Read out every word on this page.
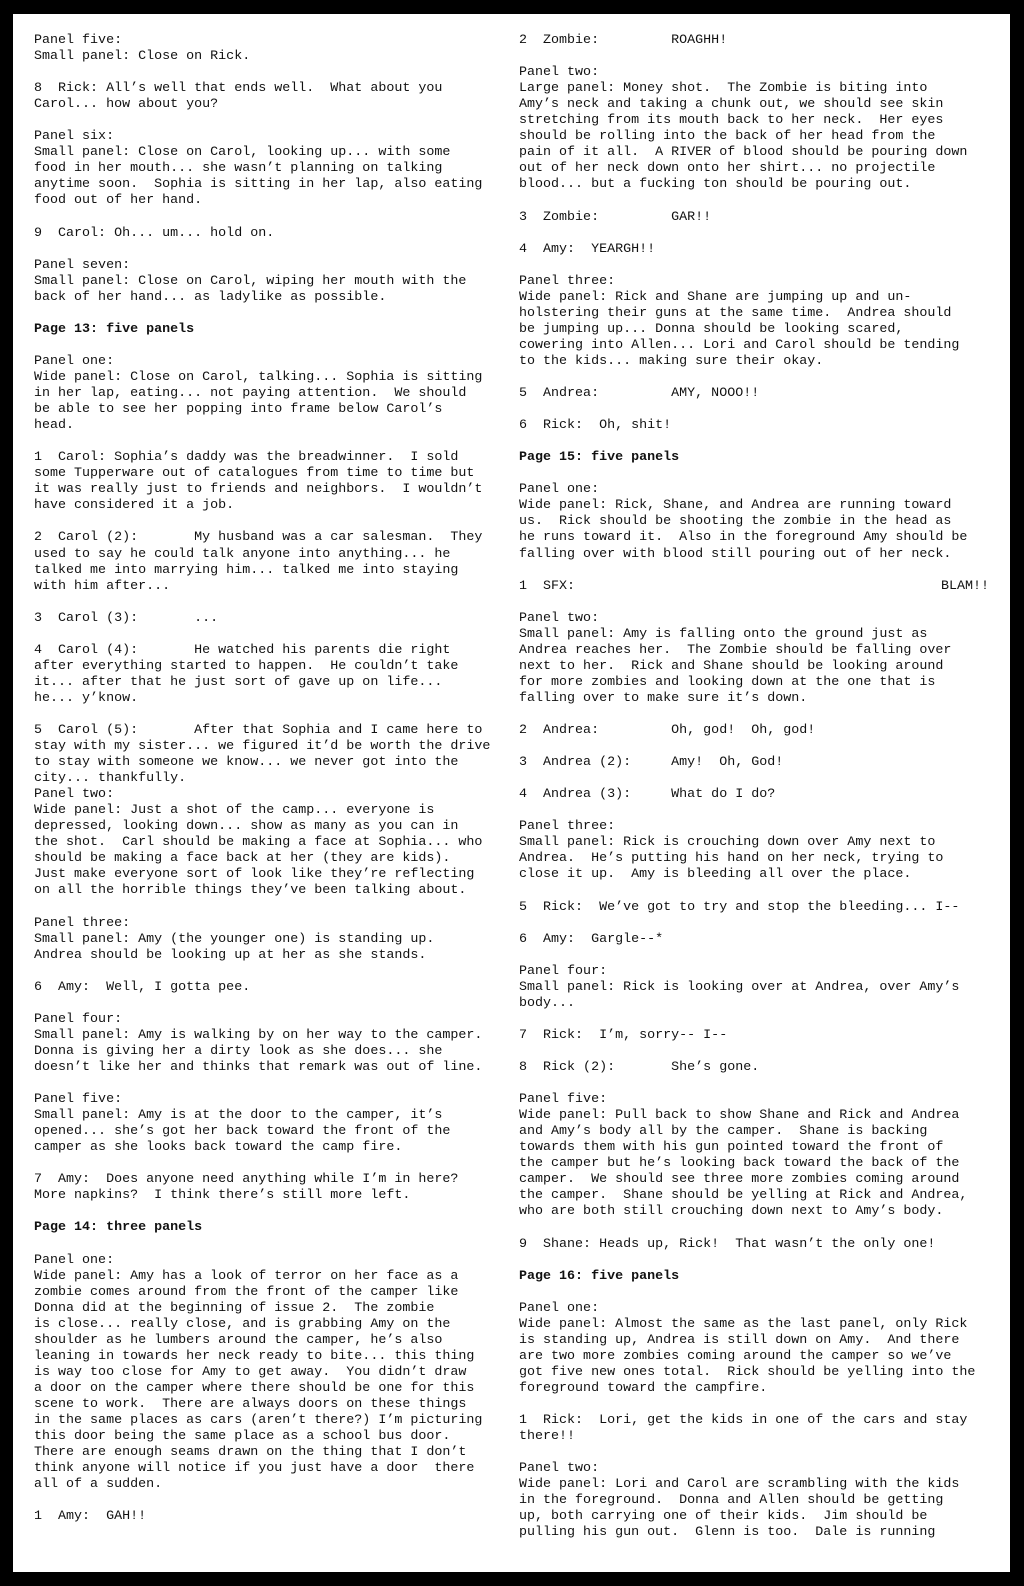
Panel five:
Small panel: Close on Rick.
8  Rick: All’s well that ends well.  What about you
Carol... how about you?
Panel six:
Small panel: Close on Carol, looking up... with some
food in her mouth... she wasn’t planning on talking
anytime soon.  Sophia is sitting in her lap, also eating
food out of her hand.
9  Carol: Oh... um... hold on.
Panel seven:
Small panel: Close on Carol, wiping her mouth with the
back of her hand... as ladylike as possible.
Page 13: five panels
Panel one:
Wide panel: Close on Carol, talking... Sophia is sitting
in her lap, eating... not paying attention.  We should
be able to see her popping into frame below Carol’s
head.
1  Carol: Sophia’s daddy was the breadwinner.  I sold
some Tupperware out of catalogues from time to time but
it was really just to friends and neighbors.  I wouldn’t
have considered it a job.
2  Carol (2):       My husband was a car salesman.  They
used to say he could talk anyone into anything... he
talked me into marrying him... talked me into staying
with him after...
3  Carol (3):       ...
4  Carol (4):       He watched his parents die right
after everything started to happen.  He couldn’t take
it... after that he just sort of gave up on life...
he... y’know.
5  Carol (5):       After that Sophia and I came here to
stay with my sister... we figured it’d be worth the drive
to stay with someone we know... we never got into the
city... thankfully.
Panel two:
Wide panel: Just a shot of the camp... everyone is
depressed, looking down... show as many as you can in
the shot.  Carl should be making a face at Sophia... who
should be making a face back at her (they are kids).
Just make everyone sort of look like they’re reflecting
on all the horrible things they’ve been talking about.
Panel three:
Small panel: Amy (the younger one) is standing up.
Andrea should be looking up at her as she stands.
6  Amy:  Well, I gotta pee.
Panel four:
Small panel: Amy is walking by on her way to the camper.
Donna is giving her a dirty look as she does... she
doesn’t like her and thinks that remark was out of line.
Panel five:
Small panel: Amy is at the door to the camper, it’s
opened... she’s got her back toward the front of the
camper as she looks back toward the camp fire.
7  Amy:  Does anyone need anything while I’m in here?
More napkins?  I think there’s still more left.
Page 14: three panels
Panel one:
Wide panel: Amy has a look of terror on her face as a
zombie comes around from the front of the camper like
Donna did at the beginning of issue 2.  The zombie
is close... really close, and is grabbing Amy on the
shoulder as he lumbers around the camper, he’s also
leaning in towards her neck ready to bite... this thing
is way too close for Amy to get away.  You didn’t draw
a door on the camper where there should be one for this
scene to work.  There are always doors on these things
in the same places as cars (aren’t there?) I’m picturing
this door being the same place as a school bus door.
There are enough seams drawn on the thing that I don’t
think anyone will notice if you just have a door  there
all of a sudden.
1  Amy:  GAH!!
2  Zombie:         ROAGHH!
Panel two:
Large panel: Money shot.  The Zombie is biting into
Amy’s neck and taking a chunk out, we should see skin
stretching from its mouth back to her neck.  Her eyes
should be rolling into the back of her head from the
pain of it all.  A RIVER of blood should be pouring down
out of her neck down onto her shirt... no projectile
blood... but a fucking ton should be pouring out.
3  Zombie:         GAR!!
4  Amy:  YEARGH!!
Panel three:
Wide panel: Rick and Shane are jumping up and un-
holstering their guns at the same time.  Andrea should
be jumping up... Donna should be looking scared,
cowering into Allen... Lori and Carol should be tending
to the kids... making sure their okay.
5  Andrea:         AMY, NOOO!!
6  Rick:  Oh, shit!
Page 15: five panels
Panel one:
Wide panel: Rick, Shane, and Andrea are running toward
us.  Rick should be shooting the zombie in the head as
he runs toward it.  Also in the foreground Amy should be
falling over with blood still pouring out of her neck.
1  SFX:	BLAM!!
Panel two:
Small panel: Amy is falling onto the ground just as
Andrea reaches her.  The Zombie should be falling over
next to her.  Rick and Shane should be looking around
for more zombies and looking down at the one that is
falling over to make sure it’s down.
2  Andrea:         Oh, god!  Oh, god!
3  Andrea (2):     Amy!  Oh, God!
4  Andrea (3):     What do I do?
Panel three:
Small panel: Rick is crouching down over Amy next to
Andrea.  He’s putting his hand on her neck, trying to
close it up.  Amy is bleeding all over the place.
5  Rick:  We’ve got to try and stop the bleeding... I--
6  Amy:  Gargle--*
Panel four:
Small panel: Rick is looking over at Andrea, over Amy’s
body...
7  Rick:  I’m, sorry-- I--
8  Rick (2):       She’s gone.
Panel five:
Wide panel: Pull back to show Shane and Rick and Andrea
and Amy’s body all by the camper.  Shane is backing
towards them with his gun pointed toward the front of
the camper but he’s looking back toward the back of the
camper.  We should see three more zombies coming around
the camper.  Shane should be yelling at Rick and Andrea,
who are both still crouching down next to Amy’s body.
9  Shane: Heads up, Rick!  That wasn’t the only one!
Page 16: five panels
Panel one:
Wide panel: Almost the same as the last panel, only Rick
is standing up, Andrea is still down on Amy.  And there
are two more zombies coming around the camper so we’ve
got five new ones total.  Rick should be yelling into the
foreground toward the campfire.
1  Rick:  Lori, get the kids in one of the cars and stay
there!!
Panel two:
Wide panel: Lori and Carol are scrambling with the kids
in the foreground.  Donna and Allen should be getting
up, both carrying one of their kids.  Jim should be
pulling his gun out.  Glenn is too.  Dale is running
